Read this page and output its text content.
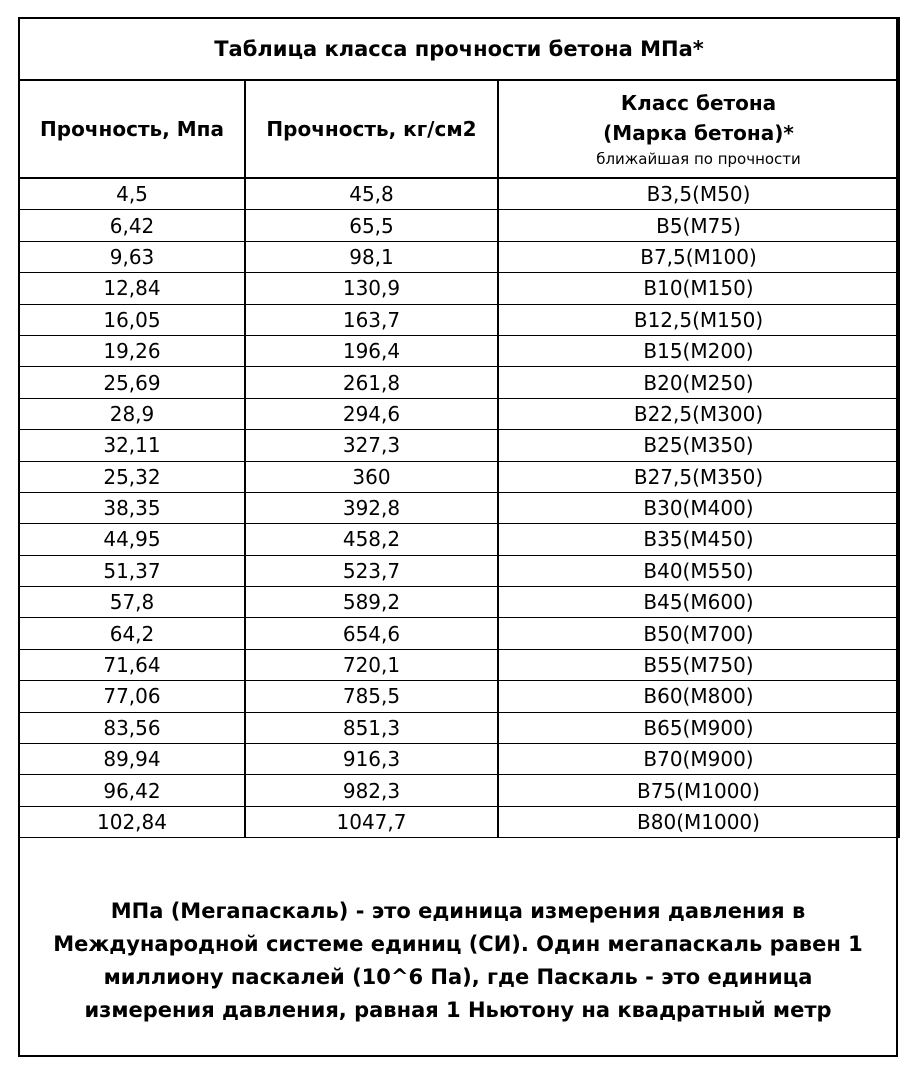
Таблица класса прочности бетона МПа*		
Прочность, Мпа	Прочность, кг/см2	Класс бетона
(Марка бетона)*
ближайшая по прочности

4,5	45,8	B3,5(M50)
6,42	65,5	B5(M75)
9,63	98,1	B7,5(M100)
12,84	130,9	B10(M150)
16,05	163,7	B12,5(M150)
19,26	196,4	B15(M200)
25,69	261,8	B20(M250)
28,9	294,6	B22,5(M300)
32,11	327,3	B25(M350)
25,32	360	B27,5(M350)
38,35	392,8	B30(M400)
44,95	458,2	B35(M450)
51,37	523,7	B40(M550)
57,8	589,2	B45(M600)
64,2	654,6	B50(M700)
71,64	720,1	B55(M750)
77,06	785,5	B60(M800)
83,56	851,3	B65(M900)
89,94	916,3	B70(M900)
96,42	982,3	B75(M1000)
102,84	1047,7	B80(M1000)
МПа (Мегапаскаль) - это единица измерения давления в Международной системе единиц (СИ). Один мегапаскаль равен 1 миллиону паскалей (10^6 Па), где Паскаль - это единица измерения давления, равная 1 Ньютону на квадратный метр
